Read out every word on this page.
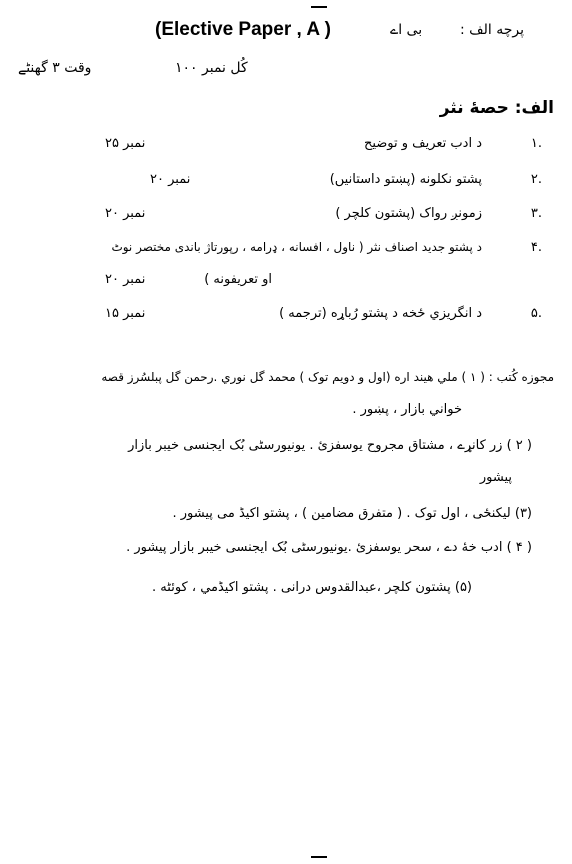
پرچه الف :
بی اے
(Elective Paper , A )
کُل نمبر ۱۰۰
وقت ۳ گھنٹے
الف: حصهٔ نثر
۱.
د ادب تعریف و توضیح
نمبر ۲۵
۲.
پشتو نکلونه (پښتو داستانيں)
نمبر ۲۰
۳.
زمونږ رواک (پشتون کلچر )
نمبر ۲۰
۴.
د پشتو جدید اصناف نثر ( ناول ، افسانه ، ډرامه ، رپورتاژ باندی مختصر نوٹ
او تعریفونه )
نمبر ۲۰
۵.
د انگریزي ځخه د پشتو رُباړه (ترجمه )
نمبر ۱۵
مجوزه کُتب : ( ۱ ) ملي هیند اره (اول و دویم توک ) محمد گل نوري .رحمن گل پبلسُرز قصه
خواني بازار ، پښور .
( ۲ ) زر کانړے ، مشتاق مجروح یوسفزیٔ . یونیورسٹی بُک ایجنسی خیبر بازار
پیشور
(۳) لیکنځی ، اول توک . ( متفرق مضامین ) ، پشتو اکیڈ می پیشور .
( ۴ ) ادب خۀ دے ، سحر یوسفزیٔ .یونیورسٹی بُک ایجنسی خیبر بازار پیشور .
(۵) پشتون کلچر ،عبدالقدوس درانی . پشتو اکیڈمي ، کوئٹه .
